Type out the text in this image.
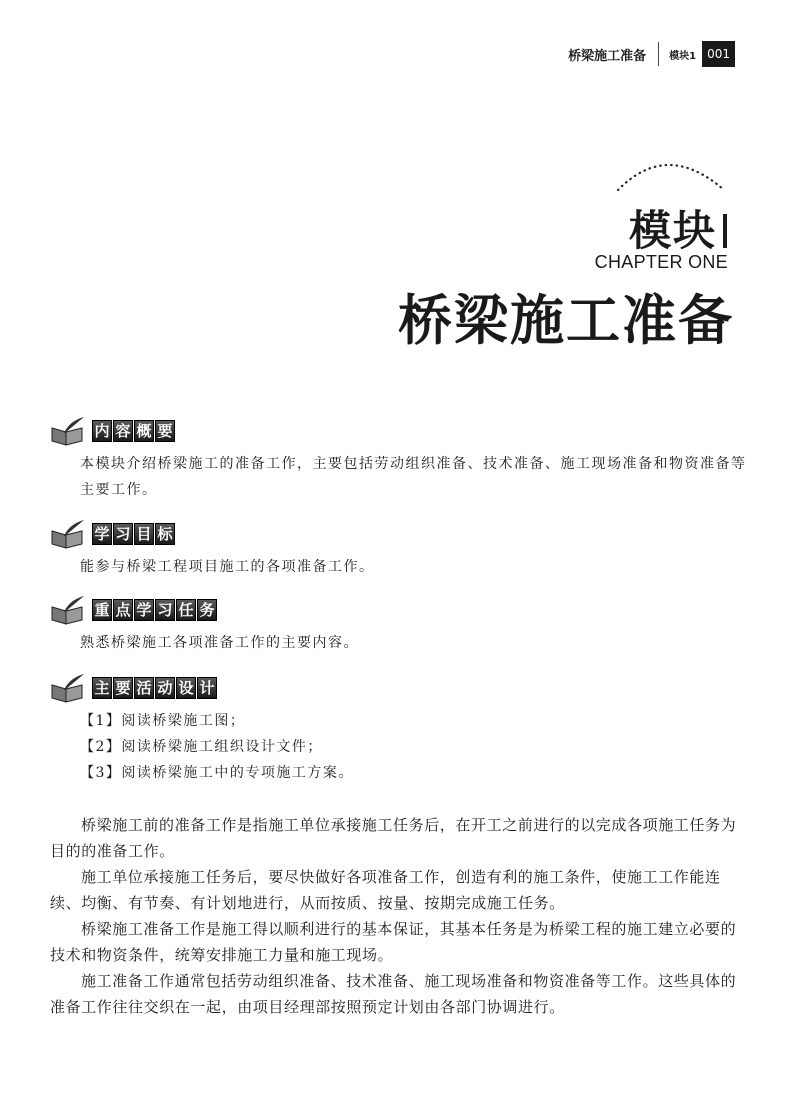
桥梁施工准备 模块1 001
模块
CHAPTER ONE
桥梁施工准备
内 容 概 要
本模块介绍桥梁施工的准备工作，主要包括劳动组织准备、技术准备、施工现场准备和物资准备等主要工作。
学 习 目 标
能参与桥梁工程项目施工的各项准备工作。
重 点 学 习 任 务
熟悉桥梁施工各项准备工作的主要内容。
主 要 活 动 设 计
【1】阅读桥梁施工图；
【2】阅读桥梁施工组织设计文件；
【3】阅读桥梁施工中的专项施工方案。

桥梁施工前的准备工作是指施工单位承接施工任务后，在开工之前进行的以完成各项施工任务为目的的准备工作。

施工单位承接施工任务后，要尽快做好各项准备工作，创造有利的施工条件，使施工工作能连续、均衡、有节奏、有计划地进行，从而按质、按量、按期完成施工任务。

桥梁施工准备工作是施工得以顺利进行的基本保证，其基本任务是为桥梁工程的施工建立必要的技术和物资条件，统筹安排施工力量和施工现场。

施工准备工作通常包括劳动组织准备、技术准备、施工现场准备和物资准备等工作。这些具体的准备工作往往交织在一起，由项目经理部按照预定计划由各部门协调进行。
